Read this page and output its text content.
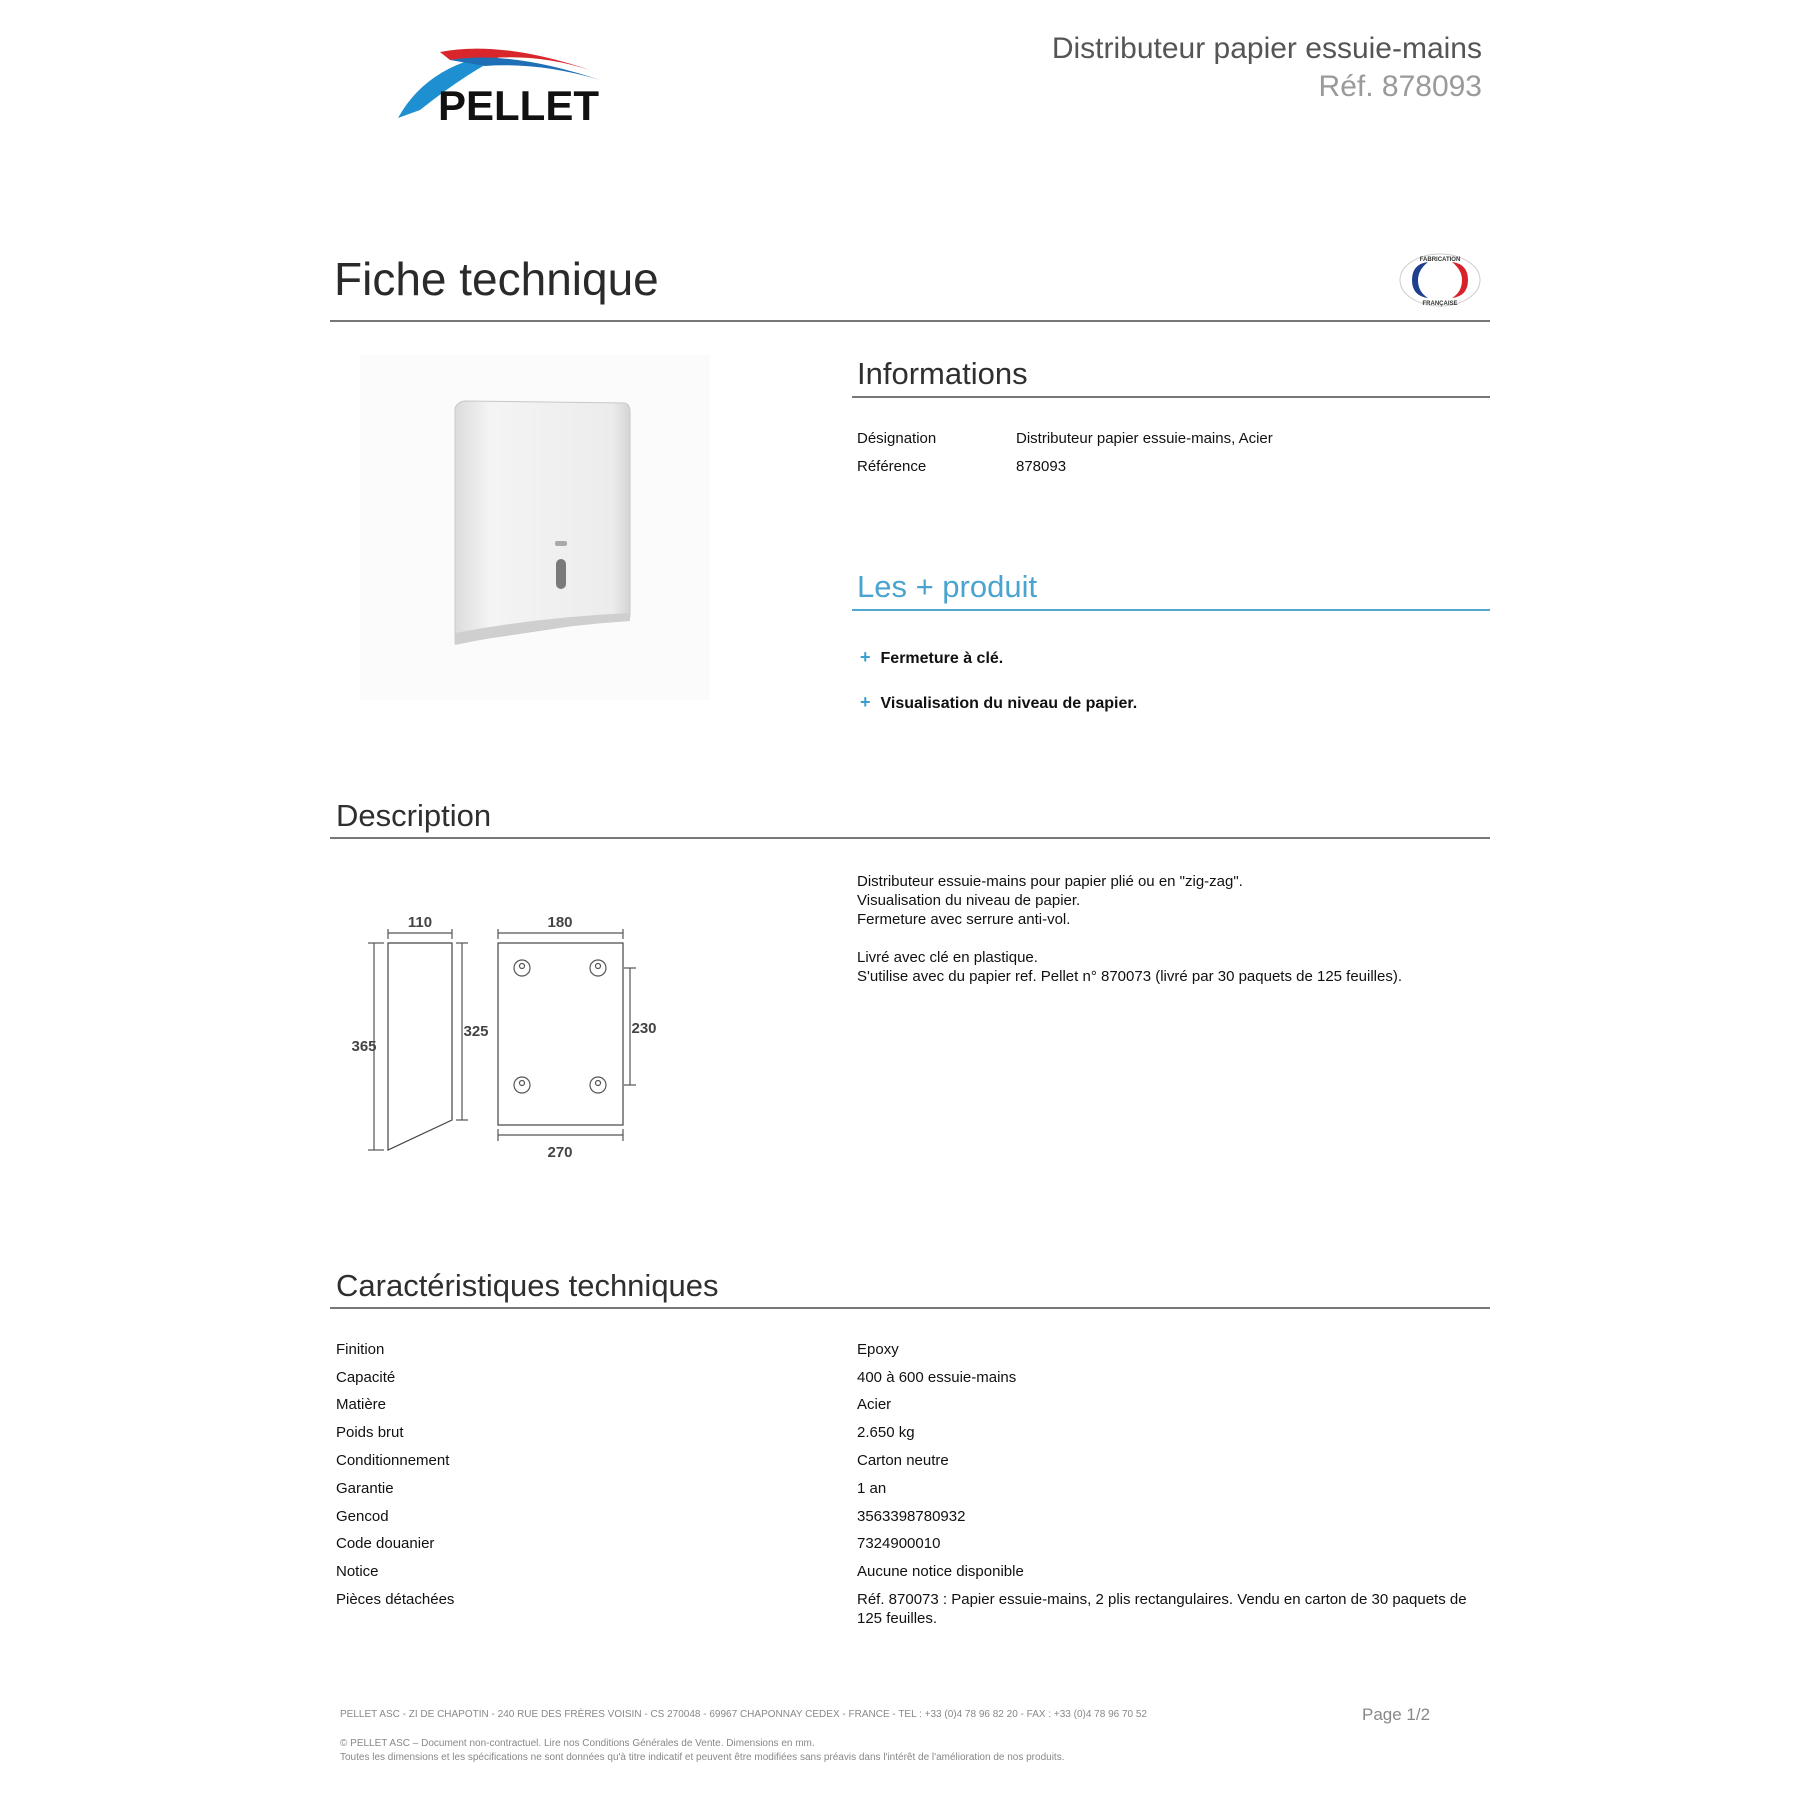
PELLET
Distributeur papier essuie-mains
Réf. 878093
Fiche technique	FABRICATION
FRANÇAISE
Informations
Désignation	Distributeur papier essuie-mains, Acier
Référence	878093
Les + produit
+ Fermeture à clé.
+ Visualisation du niveau de papier.
Description
110	180
365
325	230
270
Distributeur essuie-mains pour papier plié ou en "zig-zag".
Visualisation du niveau de papier.
Fermeture avec serrure anti-vol.
Livré avec clé en plastique.
S'utilise avec du papier ref. Pellet n° 870073 (livré par 30 paquets de 125 feuilles).
Caractéristiques techniques
Finition	Epoxy
Capacité	400 à 600 essuie-mains
Matière	Acier
Poids brut	2.650 kg
Conditionnement	Carton neutre
Garantie	1 an
Gencod	3563398780932
Code douanier	7324900010
Notice	Aucune notice disponible
Pièces détachées	Réf. 870073 : Papier essuie-mains, 2 plis rectangulaires. Vendu en carton de 30 paquets de
125 feuilles.
PELLET ASC - ZI DE CHAPOTIN - 240 RUE DES FRÈRES VOISIN - CS 270048 - 69967 CHAPONNAY CEDEX - FRANCE - TEL : +33 (0)4 78 96 82 20 - FAX : +33 (0)4 78 96 70 52	Page 1/2
© PELLET ASC – Document non-contractuel. Lire nos Conditions Générales de Vente. Dimensions en mm.
Toutes les dimensions et les spécifications ne sont données qu'à titre indicatif et peuvent être modifiées sans préavis dans l'intérêt de l'amélioration de nos produits.
